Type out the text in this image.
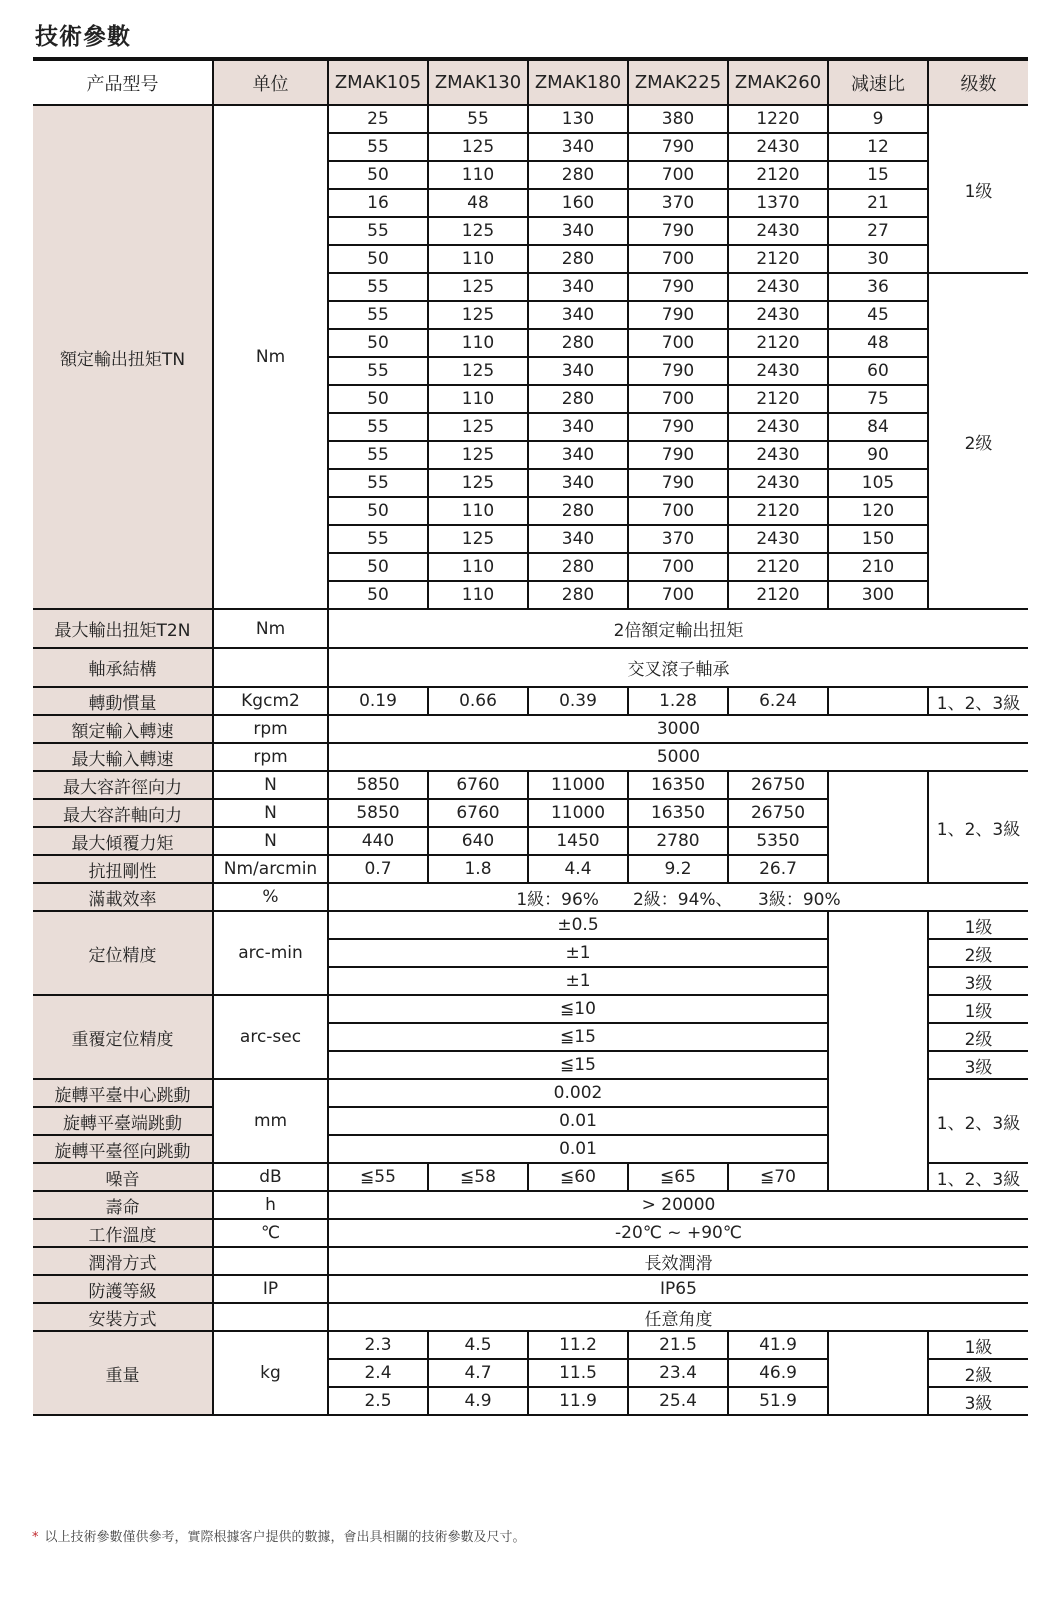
技術參數
产品型号	单位	ZMAK105	ZMAK130	ZMAK180	ZMAK225	ZMAK260	减速比	级数
額定輸出扭矩TN	Nm	25	55	130	380	1220	9	1级
		55	125	340	790	2430	12	
		50	110	280	700	2120	15	
		16	48	160	370	1370	21	
		55	125	340	790	2430	27	
		50	110	280	700	2120	30	
		55	125	340	790	2430	36	2级
		55	125	340	790	2430	45	
		50	110	280	700	2120	48	
		55	125	340	790	2430	60	
		50	110	280	700	2120	75	
		55	125	340	790	2430	84	
		55	125	340	790	2430	90	
		55	125	340	790	2430	105	
		50	110	280	700	2120	120	
		55	125	340	370	2430	150	
		50	110	280	700	2120	210	
		50	110	280	700	2120	300	
最大輸出扭矩T2N	Nm	2倍額定輸出扭矩						
軸承結構		交叉滾子軸承						
轉動慣量	Kgcm2	0.19	0.66	0.39	1.28	6.24		1、2、3級
額定輸入轉速	rpm	3000						
最大輸入轉速	rpm	5000						
最大容許徑向力	N	5850	6760	11000	16350	26750		1、2、3級
最大容許軸向力	N	5850	6760	11000	16350	26750		
最大傾覆力矩	N	440	640	1450	2780	5350		
抗扭剛性	Nm/arcmin	0.7	1.8	4.4	9.2	26.7		
滿載效率	%	1級：96%　　2級：94%、　　3級：90%						
定位精度	arc-min	±0.5						1级
		±1						2级
		±1						3级
重覆定位精度	arc-sec	≦10						1级
		≦15						2级
		≦15						3级
旋轉平臺中心跳動	mm	0.002						1、2、3級
旋轉平臺端跳動		0.01						
旋轉平臺徑向跳動		0.01						
噪音	dB	≦55	≦58	≦60	≦65	≦70		1、2、3級
壽命	h	> 20000						
工作溫度	℃	-20℃ ~ +90℃						
潤滑方式		長效潤滑						
防護等級	IP	IP65						
安裝方式		任意角度						
重量	kg	2.3	4.5	11.2	21.5	41.9		1級
		2.4	4.7	11.5	23.4	46.9		2級
		2.5	4.9	11.9	25.4	51.9		3級
* 以上技術參數僅供參考，實際根據客户提供的數據，會出具相關的技術參數及尺寸。
